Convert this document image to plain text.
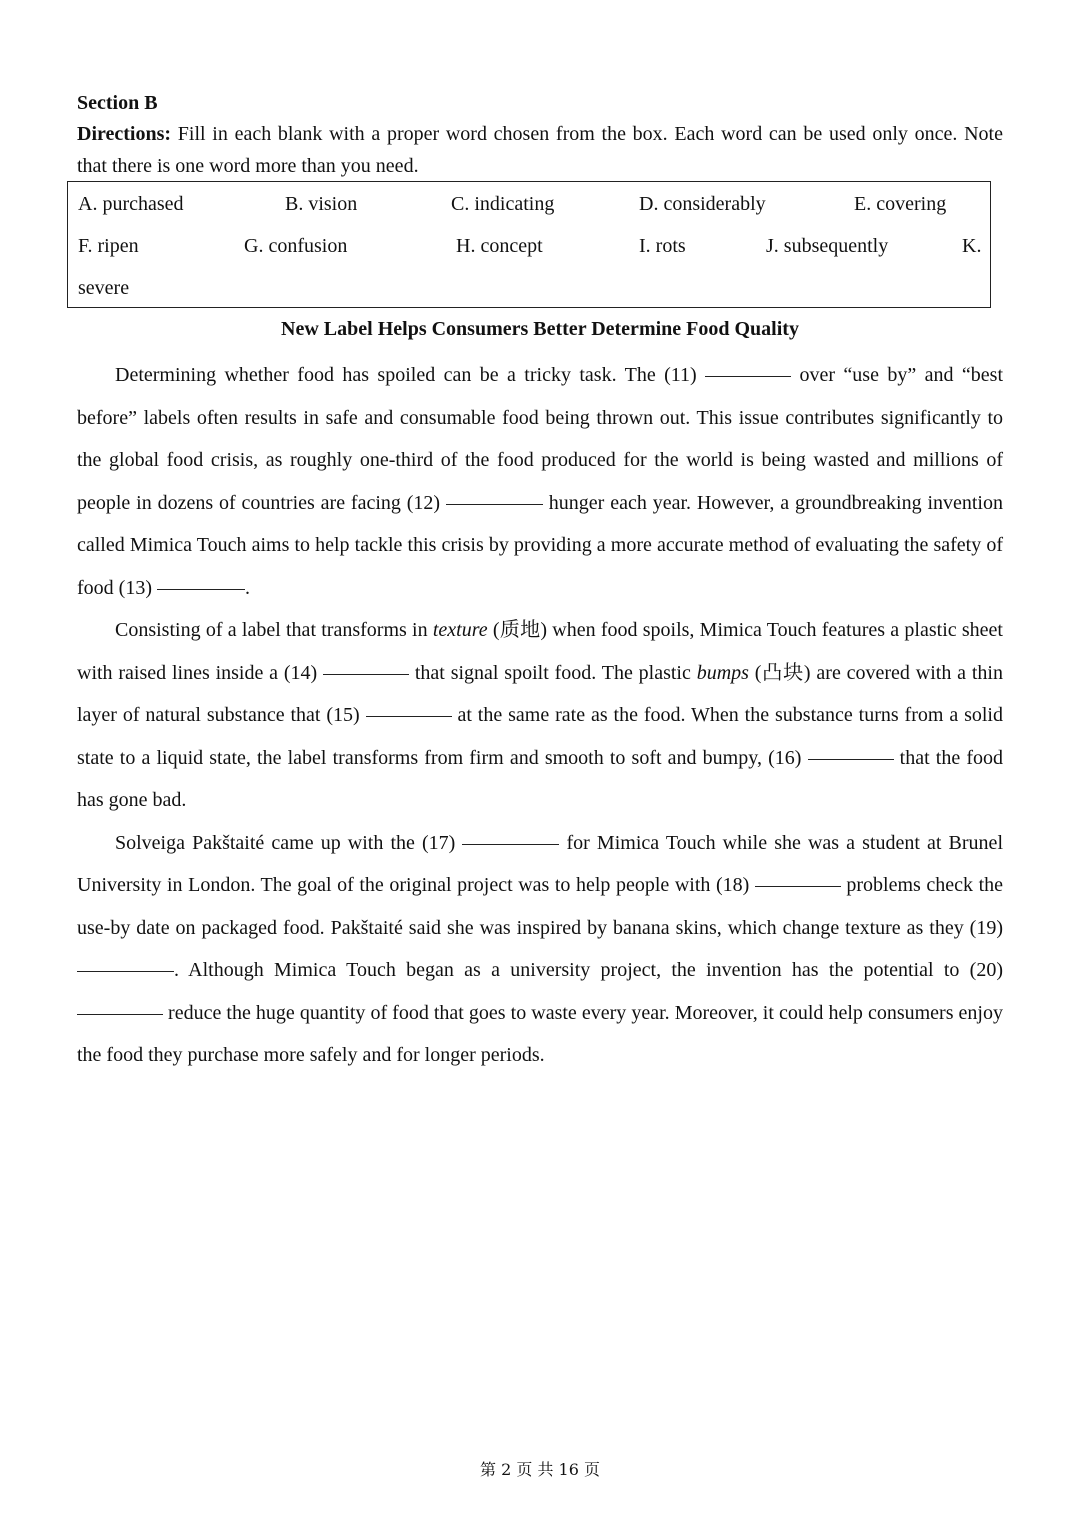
Section B

Directions: Fill in each blank with a proper word chosen from the box. Each word can be used only once. Note that there is one word more than you need.

A. purchased	B. vision	C. indicating	D. considerably	E. covering
F. ripen	G. confusion	H. concept	I. rots	J. subsequently	K.
severe
New Label Helps Consumers Better Determine Food Quality

Determining whether food has spoiled can be a tricky task. The (11)	over “use by” and “best before” labels often results in safe and consumable food being thrown out. This issue contributes significantly to the global food crisis, as roughly one-third of the food produced for the world is being wasted and millions of people in dozens of countries are facing (12)	hunger each year. However, a groundbreaking invention called Mimica Touch aims to help tackle this crisis by providing a more accurate method of evaluating the safety of food (13)	.

Consisting of a label that transforms in texture (质地) when food spoils, Mimica Touch features a plastic sheet with raised lines inside a (14)	that signal spoilt food. The plastic bumps (凸块) are covered with a thin layer of natural substance that (15)	at the same rate as the food. When the substance turns from a solid state to a liquid state, the label transforms from firm and smooth to soft and bumpy, (16)	that the food has gone bad.

Solveiga Pakštaité came up with the (17)	for Mimica Touch while she was a student at Brunel University in London. The goal of the original project was to help people with (18)	problems check the use-by date on packaged food. Pakštaité said she was inspired by banana skins, which change texture as they (19) . Although Mimica Touch began as a university project, the invention has the potential to (20)  reduce the huge quantity of food that goes to waste every year. Moreover, it could help consumers enjoy the food they purchase more safely and for longer periods.

第 2 页 共 16 页
